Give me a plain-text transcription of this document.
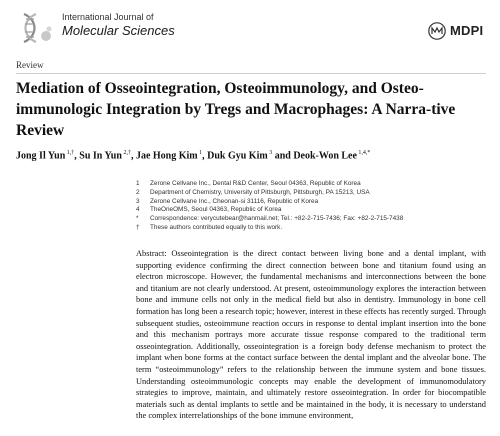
International Journal of
Molecular Sciences	MDPI
Review
Mediation of Osseointegration, Osteoimmunology, and Osteo-immunologic Integration by Tregs and Macrophages: A Narra-tive Review
Jong Il Yun $^{1,\dagger}$, Su In Yun $^{2,\dagger}$, Jae Hong Kim $^1$, Duk Gyu Kim $^3$ and Deok-Won Lee $^{1,4,*}$
1	Zerone Cellvane Inc., Dental R&D Center, Seoul 04363, Republic of Korea
2	Department of Chemistry, University of Pittsburgh, Pittsburgh, PA 15213, USA
3	Zerone Cellvane Inc., Cheonan-si 31116, Republic of Korea
4	TheOneOMS, Seoul 04363, Republic of Korea
*	Correspondence: verycutebear@hanmail.net; Tel.: +82-2-715-7436; Fax: +82-2-715-7438
†	These authors contributed equally to this work.

Abstract: Osseointegration is the direct contact between living bone and a dental implant, with supporting evidence confirming the direct connection between bone and titanium found using an electron microscope. However, the fundamental mechanisms and interconnections between the bone and titanium are not clearly understood. At present, osteoimmunology explores the interaction between bone and immune cells not only in the medical field but also in dentistry. Immunology in bone cell formation has long been a research topic; however, interest in these effects has recently surged. Through subsequent studies, osteoimmune reaction occurs in response to dental implant insertion into the bone and this mechanism portrays more accurate tissue response compared to the traditional term osseointegration. Additionally, osseointegration is a foreign body defense mechanism to protect the implant when bone forms at the contact surface between the dental implant and the alveolar bone. The term “osteoimmunology” refers to the relationship between the immune system and bone tissues. Understanding osteoimmunologic concepts may enable the development of immunomodulatory strategies to improve, maintain, and ultimately restore osseointegration. In order for biocompatible materials such as dental implants to settle and be maintained in the body, it is necessary to understand the complex interrelationships of the bone immune environment,
